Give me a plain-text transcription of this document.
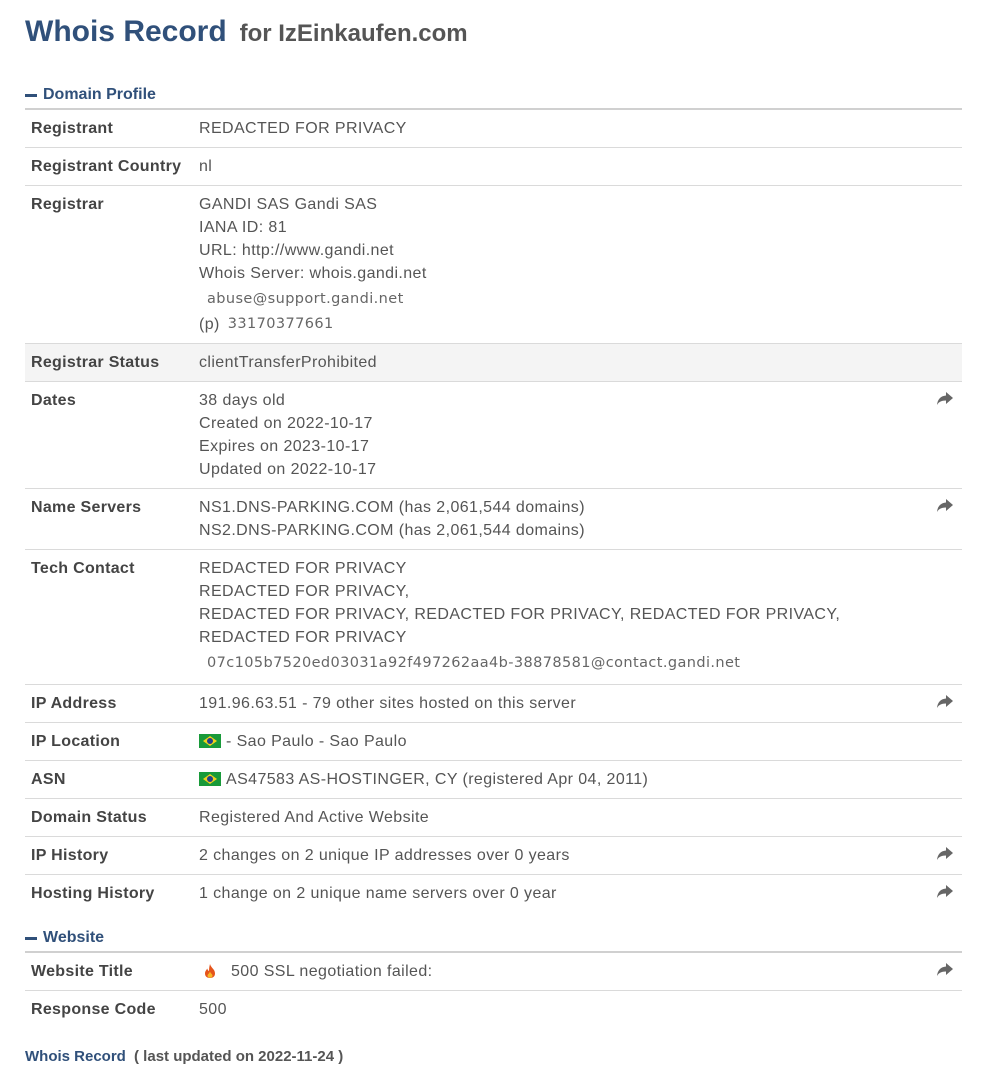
Whois Record for IzEinkaufen.com
Domain Profile
Registrant	REDACTED FOR PRIVACY
Registrant Country	nl
Registrar	GANDI SAS Gandi SAS
IANA ID: 81
URL: http://www.gandi.net
Whois Server: whois.gandi.net
abuse@support.gandi.net
(p) 33170377661
Registrar Status	clientTransferProhibited
Dates	38 days old
Created on 2022-10-17
Expires on 2023-10-17
Updated on 2022-10-17
Name Servers	NS1.DNS-PARKING.COM (has 2,061,544 domains)
NS2.DNS-PARKING.COM (has 2,061,544 domains)
Tech Contact	REDACTED FOR PRIVACY
REDACTED FOR PRIVACY,
REDACTED FOR PRIVACY, REDACTED FOR PRIVACY, REDACTED FOR PRIVACY, REDACTED FOR PRIVACY
07c105b7520ed03031a92f497262aa4b-38878581@contact.gandi.net
IP Address	191.96.63.51 - 79 other sites hosted on this server
IP Location	- Sao Paulo - Sao Paulo
ASN	AS47583 AS-HOSTINGER, CY (registered Apr 04, 2011)
Domain Status	Registered And Active Website
IP History	2 changes on 2 unique IP addresses over 0 years
Hosting History	1 change on 2 unique name servers over 0 year
Website
Website Title	500 SSL negotiation failed:
Response Code	500
Whois Record ( last updated on 2022-11-24 )
